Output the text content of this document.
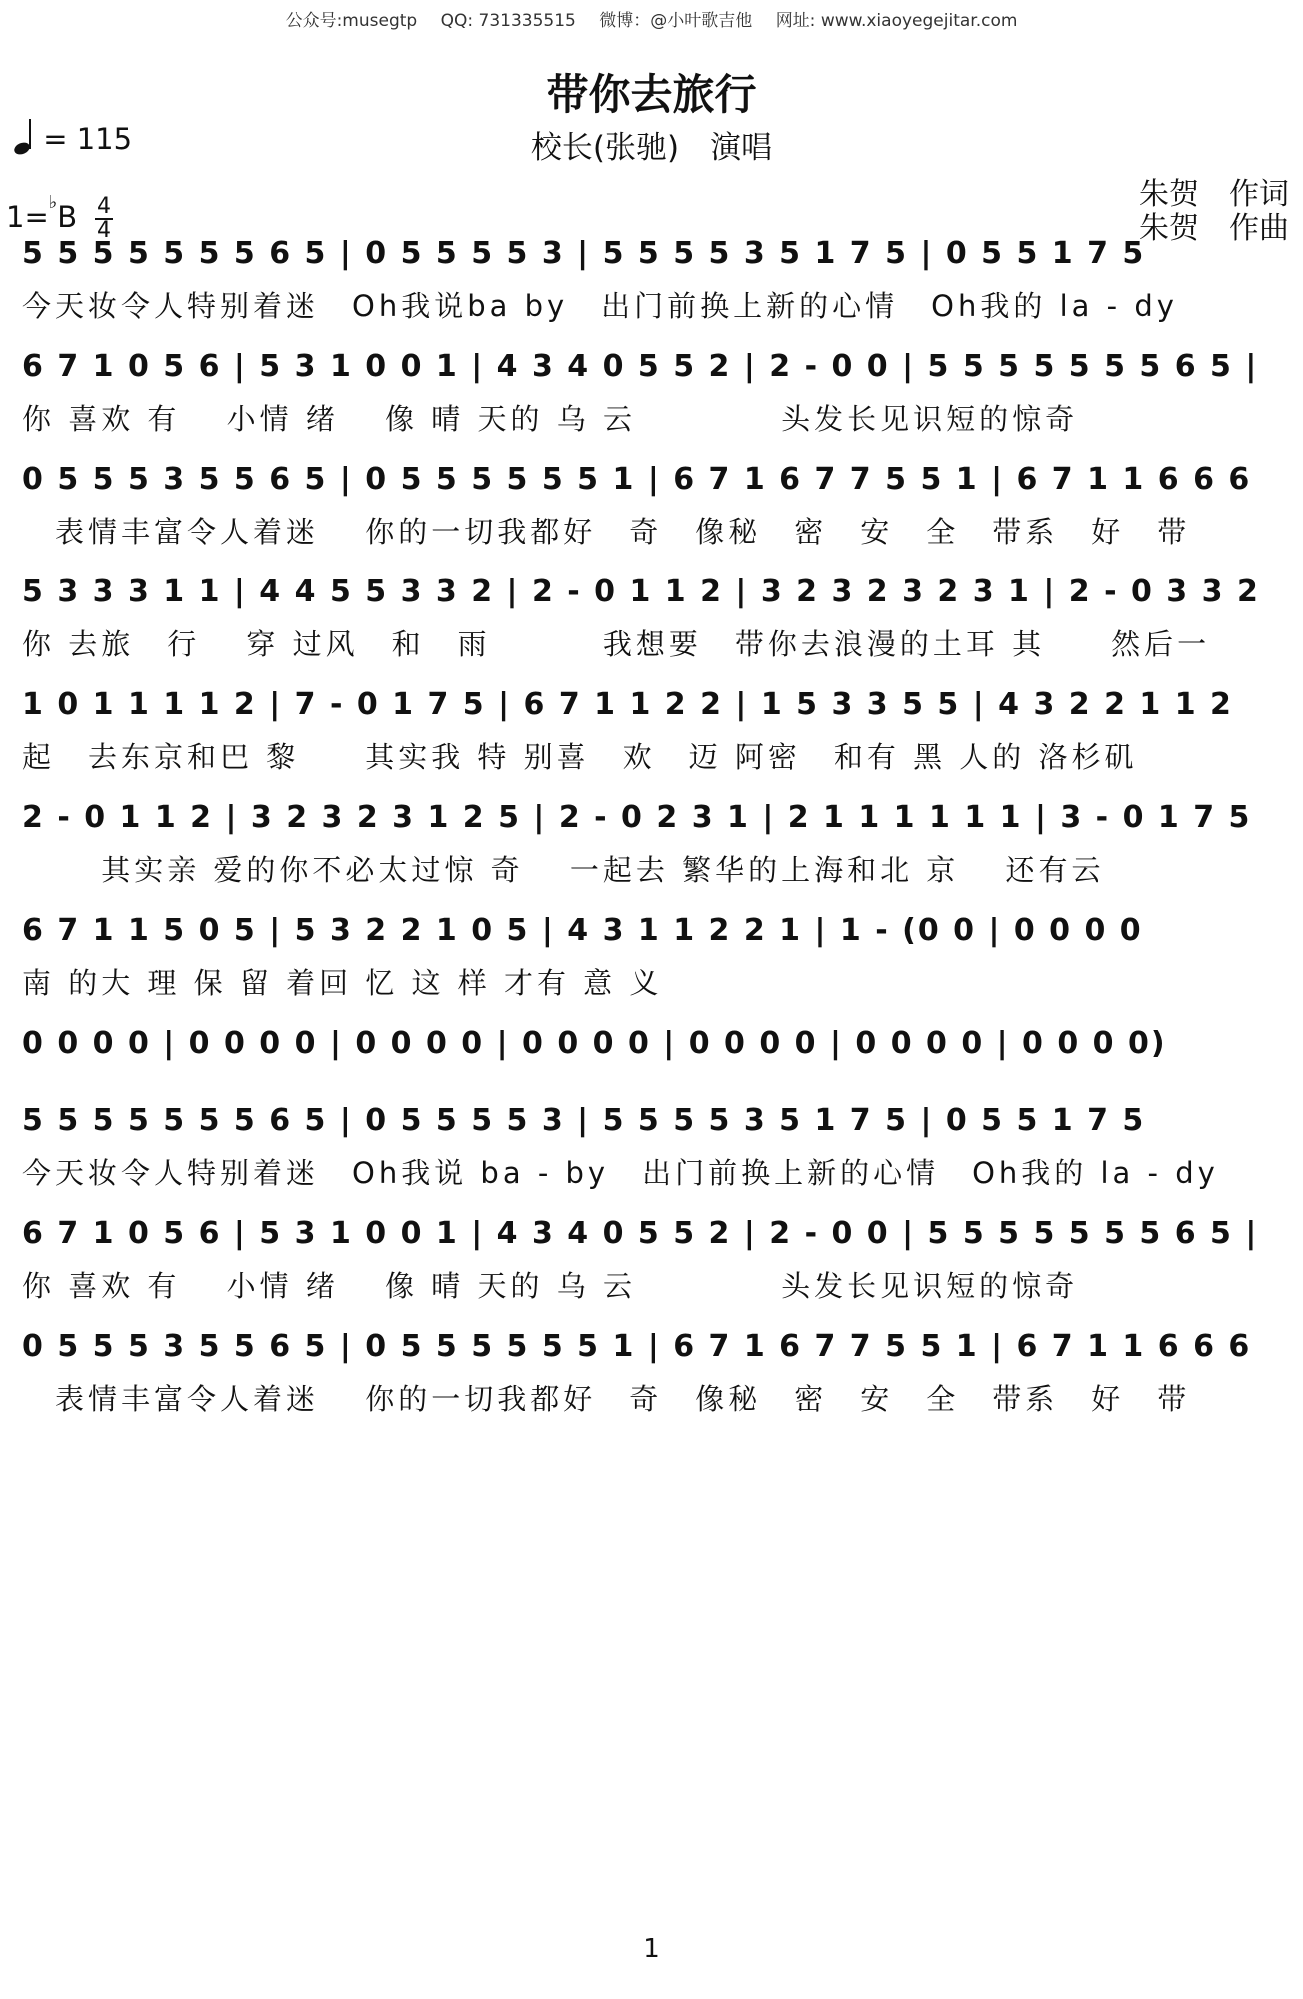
公众号:musegtp QQ: 731335515 微博：@小叶歌吉他 网址: www.xiaoyegejitar.com
带你去旅行
校长(张驰)　演唱
= 115
1=♭B 4
4
朱贺 作词
朱贺 作曲
5 5 5 5 5 5 5 6 5 | 0 5 5 5 5 3 | 5 5 5 5 3 5 1 7 5 | 0 5 5 1 7 5
今天妆令人特别着迷　Oh我说ba by　出门前换上新的心情　Oh我的 la - dy
6 7 1 0 5 6 | 5 3 1 0 0 1 | 4 3 4 0 5 5 2 | 2 - 0 0 | 5 5 5 5 5 5 5 6 5 |
你 喜欢 有　 小情 绪　 像 晴 天的 乌 云　　　　 头发长见识短的惊奇
0 5 5 5 3 5 5 6 5 | 0 5 5 5 5 5 5 1 | 6 7 1 6 7 7 5 5 1 | 6 7 1 1 6 6 6
　表情丰富令人着迷　 你的一切我都好　奇　像秘　密　安　全　带系　好　带
5 3 3 3 1 1 | 4 4 5 5 3 3 2 | 2 - 0 1 1 2 | 3 2 3 2 3 2 3 1 | 2 - 0 3 3 2
你 去旅　行　 穿 过风　和　雨　　　 我想要　带你去浪漫的土耳 其　　然后一
1 0 1 1 1 1 2 | 7 - 0 1 7 5 | 6 7 1 1 2 2 | 1 5 3 3 5 5 | 4 3 2 2 1 1 2
起　去东京和巴 黎　　其实我 特 别喜　欢　迈 阿密　和有 黑 人的 洛杉矶
2 - 0 1 1 2 | 3 2 3 2 3 1 2 5 | 2 - 0 2 3 1 | 2 1 1 1 1 1 1 | 3 - 0 1 7 5
　　 其实亲 爱的你不必太过惊 奇　 一起去 繁华的上海和北 京　 还有云
6 7 1 1 5 0 5 | 5 3 2 2 1 0 5 | 4 3 1 1 2 2 1 | 1 - (0 0 | 0 0 0 0
南 的大 理 保 留 着回 忆 这 样 才有 意 义
0 0 0 0 | 0 0 0 0 | 0 0 0 0 | 0 0 0 0 | 0 0 0 0 | 0 0 0 0 | 0 0 0 0)
5 5 5 5 5 5 5 6 5 | 0 5 5 5 5 3 | 5 5 5 5 3 5 1 7 5 | 0 5 5 1 7 5
今天妆令人特别着迷　Oh我说 ba - by　出门前换上新的心情　Oh我的 la - dy
6 7 1 0 5 6 | 5 3 1 0 0 1 | 4 3 4 0 5 5 2 | 2 - 0 0 | 5 5 5 5 5 5 5 6 5 |
你 喜欢 有　 小情 绪　 像 晴 天的 乌 云　　　　 头发长见识短的惊奇
0 5 5 5 3 5 5 6 5 | 0 5 5 5 5 5 5 1 | 6 7 1 6 7 7 5 5 1 | 6 7 1 1 6 6 6
　表情丰富令人着迷　 你的一切我都好　奇　像秘　密　安　全　带系　好　带
1
